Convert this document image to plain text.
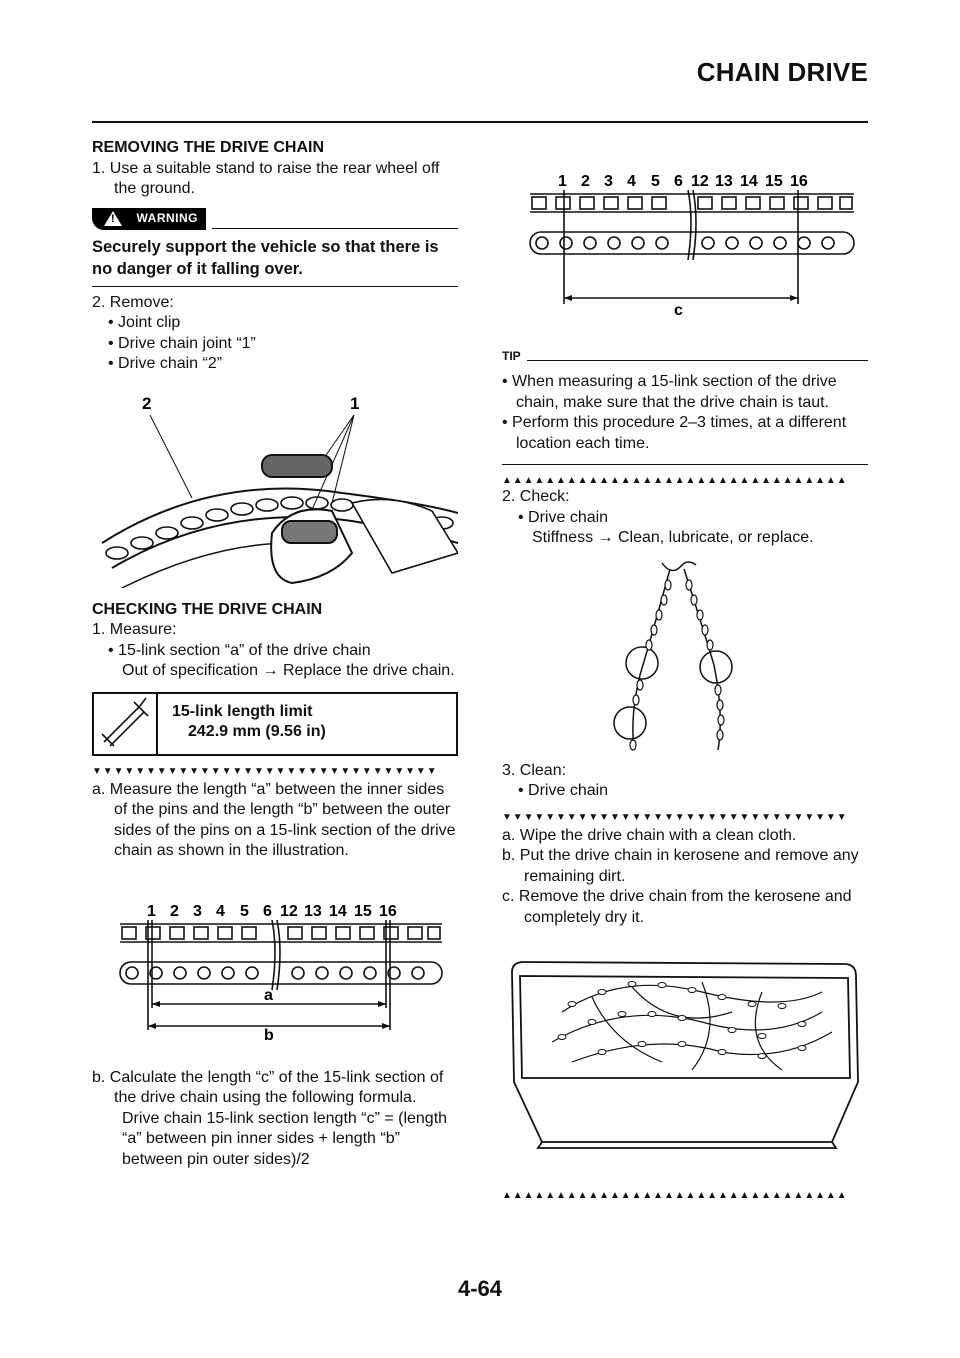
CHAIN DRIVE
REMOVING THE DRIVE CHAIN

1. Use a suitable stand to raise the rear wheel off the ground.

! WARNING
Securely support the vehicle so that there is no danger of it falling over.

2. Remove:

• Joint clip
• Drive chain joint “1”
• Drive chain “2”
2	1
CHECKING THE DRIVE CHAIN

1. Measure:

• 15-link section “a” of the drive chain
Out of specification → Replace the drive chain.
15-link length limit
242.9 mm (9.56 in)
▼▼▼▼▼▼▼▼▼▼▼▼▼▼▼▼▼▼▼▼▼▼▼▼▼▼▼▼▼▼▼▼

a. Measure the length “a” between the inner sides of the pins and the length “b” between the outer sides of the pins on a 15-link section of the drive chain as shown in the illustration.

1 2 3 4 5 6 12 13 14 15 16
a
b

b. Calculate the length “c” of the 15-link section of the drive chain using the following formula.

Drive chain 15-link section length “c” = (length “a” between pin inner sides + length “b” between pin outer sides)/2

1 2 3 4 5 6 12 13 14 15 16
c
TIP

• When measuring a 15-link section of the drive chain, make sure that the drive chain is taut.

• Perform this procedure 2–3 times, at a different location each time.

▲▲▲▲▲▲▲▲▲▲▲▲▲▲▲▲▲▲▲▲▲▲▲▲▲▲▲▲▲▲▲▲

2. Check:

• Drive chain
Stiffness → Clean, lubricate, or replace.

3. Clean:

• Drive chain
▼▼▼▼▼▼▼▼▼▼▼▼▼▼▼▼▼▼▼▼▼▼▼▼▼▼▼▼▼▼▼▼

a. Wipe the drive chain with a clean cloth.

b. Put the drive chain in kerosene and remove any remaining dirt.

c. Remove the drive chain from the kerosene and completely dry it.

▲▲▲▲▲▲▲▲▲▲▲▲▲▲▲▲▲▲▲▲▲▲▲▲▲▲▲▲▲▲▲▲
4-64
